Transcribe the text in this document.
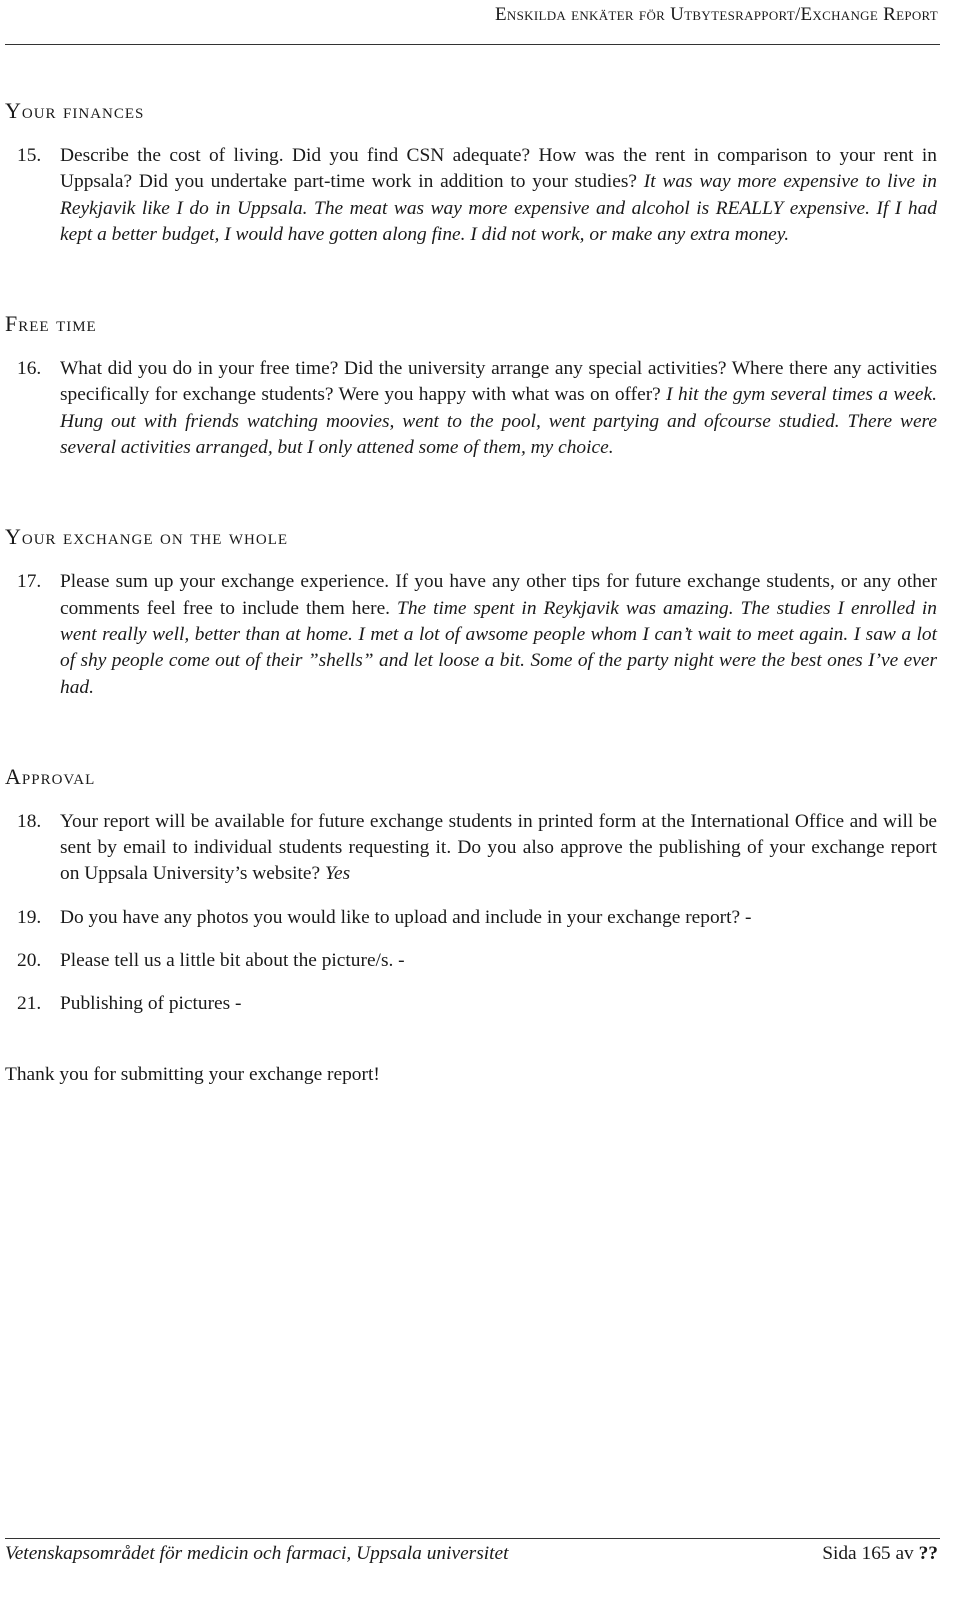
Enskilda enkäter för Utbytesrapport/Exchange Report
Your finances

15. Describe the cost of living. Did you find CSN adequate? How was the rent in comparison to your rent in Uppsala? Did you undertake part-time work in addition to your studies? It was way more expensive to live in Reykjavik like I do in Uppsala. The meat was way more expensive and alcohol is REALLY expensive. If I had kept a better budget, I would have gotten along fine. I did not work, or make any extra money.

Free time

16. What did you do in your free time? Did the university arrange any special activities? Where there any activities specifically for exchange students? Were you happy with what was on offer? I hit the gym several times a week. Hung out with friends watching moovies, went to the pool, went partying and ofcourse studied. There were several activities arranged, but I only attened some of them, my choice.

Your exchange on the whole

17. Please sum up your exchange experience. If you have any other tips for future exchange students, or any other comments feel free to include them here. The time spent in Reykjavik was amazing. The studies I enrolled in went really well, better than at home. I met a lot of awsome people whom I can’t wait to meet again. I saw a lot of shy people come out of their ”shells” and let loose a bit. Some of the party night were the best ones I’ve ever had.

Approval

18. Your report will be available for future exchange students in printed form at the International Office and will be sent by email to individual students requesting it. Do you also approve the publishing of your exchange report on Uppsala University’s website? Yes

19. Do you have any photos you would like to upload and include in your exchange report? -

20. Please tell us a little bit about the picture/s. -

21. Publishing of pictures -

Thank you for submitting your exchange report!
Vetenskapsområdet för medicin och farmaci, Uppsala universitet	Sida 165 av ??
